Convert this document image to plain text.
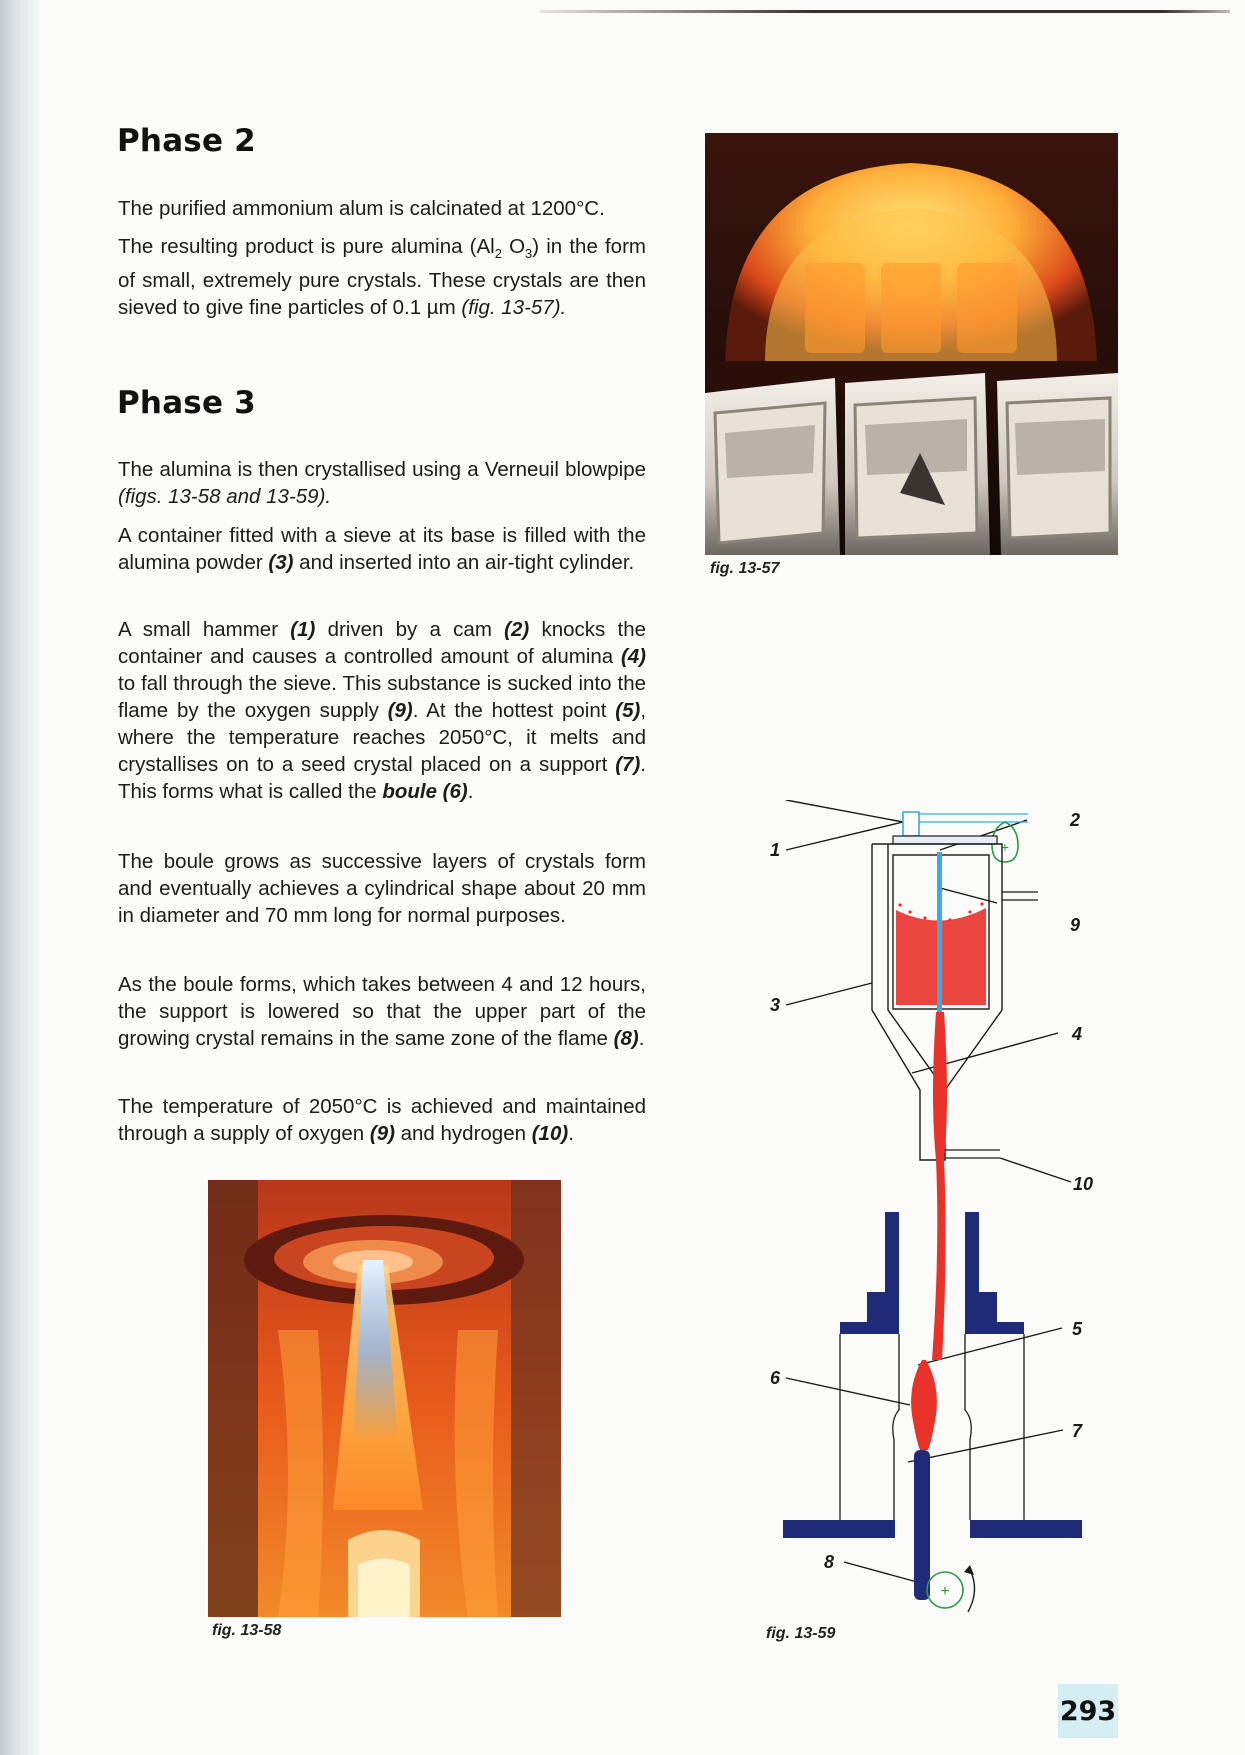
Phase 2

The purified ammonium alum is calcinated at 1200°C.

The resulting product is pure alumina ($Al_2$ $O_3$) in the form of small, extremely pure crystals. These crystals are then sieved to give fine particles of 0.1 µm (fig. 13-57).

Phase 3

The alumina is then crystallised using a Verneuil blowpipe (figs. 13-58 and 13-59).

A container fitted with a sieve at its base is filled with the alumina powder (3) and inserted into an air-tight cylinder.

A small hammer (1) driven by a cam (2) knocks the container and causes a controlled amount of alumina (4) to fall through the sieve. This substance is sucked into the flame by the oxygen supply (9). At the hottest point (5), where the temperature reaches 2050°C, it melts and crystallises on to a seed crystal placed on a support (7). This forms what is called the boule (6).

The boule grows as successive layers of crystals form and eventually achieves a cylindrical shape about 20 mm in diameter and 70 mm long for normal purposes.

As the boule forms, which takes between 4 and 12 hours, the support is lowered so that the upper part of the growing crystal remains in the same zone of the flame (8).

The temperature of 2050°C is achieved and maintained through a supply of oxygen (9) and hydrogen (10).

fig. 13-57
fig. 13-58
+
+
1
2
9
3
4
10
5
6
7
8
fig. 13-59
293
